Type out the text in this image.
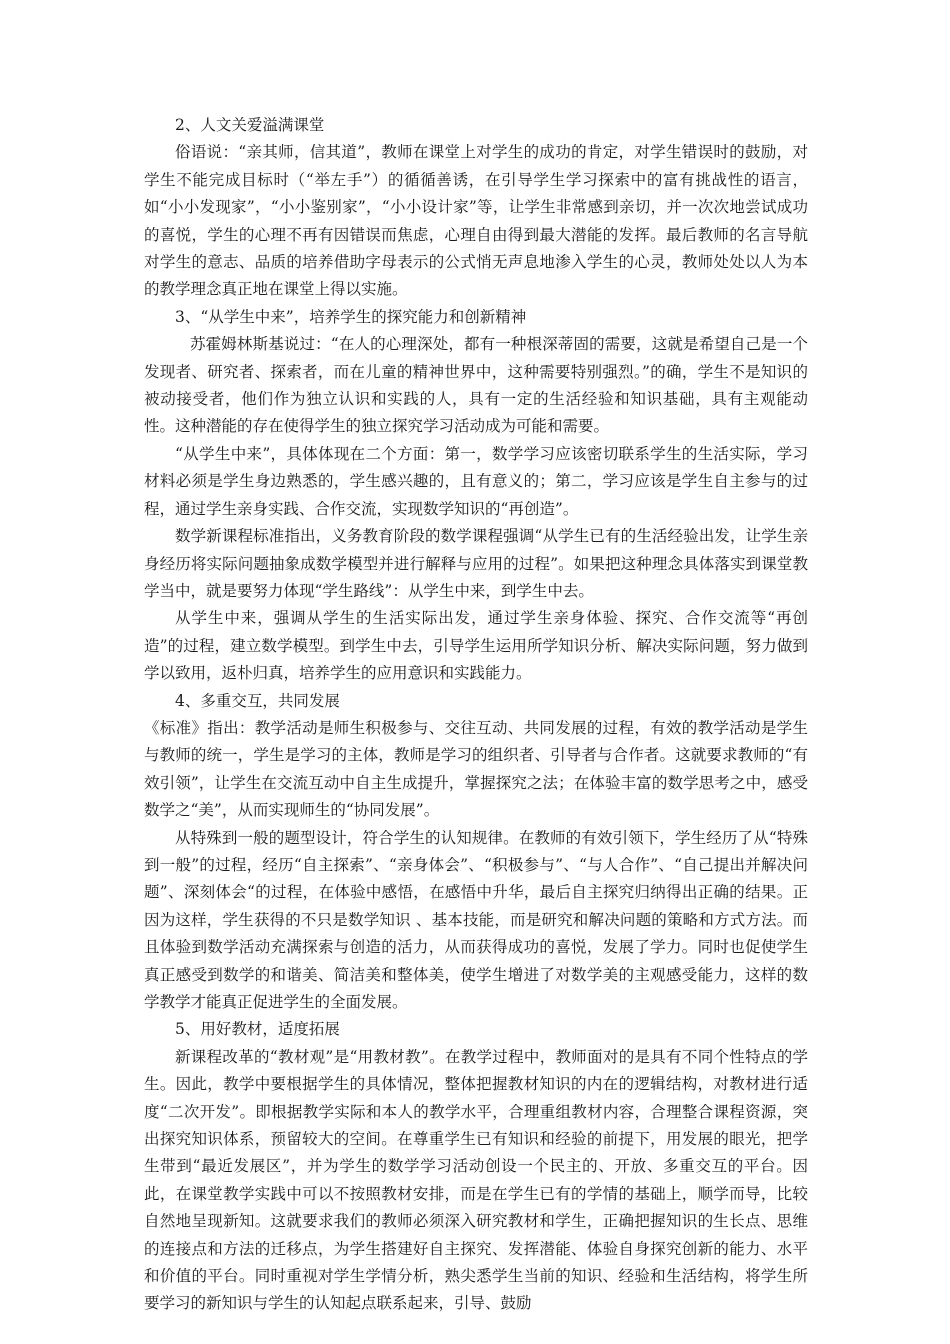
2、人文关爱溢满课堂

俗语说：“亲其师，信其道”，教师在课堂上对学生的成功的肯定，对学生错误时的鼓励，对学生不能完成目标时（“举左手”）的循循善诱，在引导学生学习探索中的富有挑战性的语言，如“小小发现家”，“小小鉴别家”，“小小设计家”等，让学生非常感到亲切，并一次次地尝试成功的喜悦，学生的心理不再有因错误而焦虑，心理自由得到最大潜能的发挥。最后教师的名言导航对学生的意志、品质的培养借助字母表示的公式悄无声息地渗入学生的心灵，教师处处以人为本的教学理念真正地在课堂上得以实施。

3、“从学生中来”，培养学生的探究能力和创新精神

苏霍姆林斯基说过：“在人的心理深处，都有一种根深蒂固的需要，这就是希望自己是一个发现者、研究者、探索者，而在儿童的精神世界中，这种需要特别强烈。”的确，学生不是知识的被动接受者，他们作为独立认识和实践的人，具有一定的生活经验和知识基础，具有主观能动性。这种潜能的存在使得学生的独立探究学习活动成为可能和需要。

“从学生中来”，具体体现在二个方面：第一，数学学习应该密切联系学生的生活实际，学习材料必须是学生身边熟悉的，学生感兴趣的，且有意义的；第二，学习应该是学生自主参与的过程，通过学生亲身实践、合作交流，实现数学知识的“再创造”。

数学新课程标准指出，义务教育阶段的数学课程强调“从学生已有的生活经验出发，让学生亲身经历将实际问题抽象成数学模型并进行解释与应用的过程”。如果把这种理念具体落实到课堂教学当中，就是要努力体现“学生路线”：从学生中来，到学生中去。

从学生中来，强调从学生的生活实际出发，通过学生亲身体验、探究、合作交流等“再创造”的过程，建立数学模型。到学生中去，引导学生运用所学知识分析、解决实际问题，努力做到学以致用，返朴归真，培养学生的应用意识和实践能力。

4、多重交互，共同发展

《标准》指出：教学活动是师生积极参与、交往互动、共同发展的过程，有效的教学活动是学生与教师的统一，学生是学习的主体，教师是学习的组织者、引导者与合作者。这就要求教师的“有效引领”，让学生在交流互动中自主生成提升，掌握探究之法；在体验丰富的数学思考之中，感受数学之“美”，从而实现师生的“协同发展”。

从特殊到一般的题型设计，符合学生的认知规律。在教师的有效引领下，学生经历了从“特殊到一般”的过程，经历“自主探索”、“亲身体会”、“积极参与”、“与人合作”、“自己提出并解决问题”、深刻体会“的过程，在体验中感悟，在感悟中升华，最后自主探究归纳得出正确的结果。正因为这样，学生获得的不只是数学知识 、基本技能，而是研究和解决问题的策略和方式方法。而且体验到数学活动充满探索与创造的活力，从而获得成功的喜悦，发展了学力。同时也促使学生真正感受到数学的和谐美、简洁美和整体美，使学生增进了对数学美的主观感受能力，这样的数学教学才能真正促进学生的全面发展。

5、用好教材，适度拓展

新课程改革的“教材观”是“用教材教”。在教学过程中，教师面对的是具有不同个性特点的学生。因此，教学中要根据学生的具体情况，整体把握教材知识的内在的逻辑结构，对教材进行适度“二次开发”。即根据教学实际和本人的教学水平，合理重组教材内容，合理整合课程资源，突出探究知识体系，预留较大的空间。在尊重学生已有知识和经验的前提下，用发展的眼光，把学生带到“最近发展区”，并为学生的数学学习活动创设一个民主的、开放、多重交互的平台。因此，在课堂教学实践中可以不按照教材安排，而是在学生已有的学情的基础上，顺学而导，比较自然地呈现新知。这就要求我们的教师必须深入研究教材和学生，正确把握知识的生长点、思维的连接点和方法的迁移点，为学生搭建好自主探究、发挥潜能、体验自身探究创新的能力、水平和价值的平台。同时重视对学生学情分析，熟尖悉学生当前的知识、经验和生活结构，将学生所要学习的新知识与学生的认知起点联系起来，引导、鼓励
